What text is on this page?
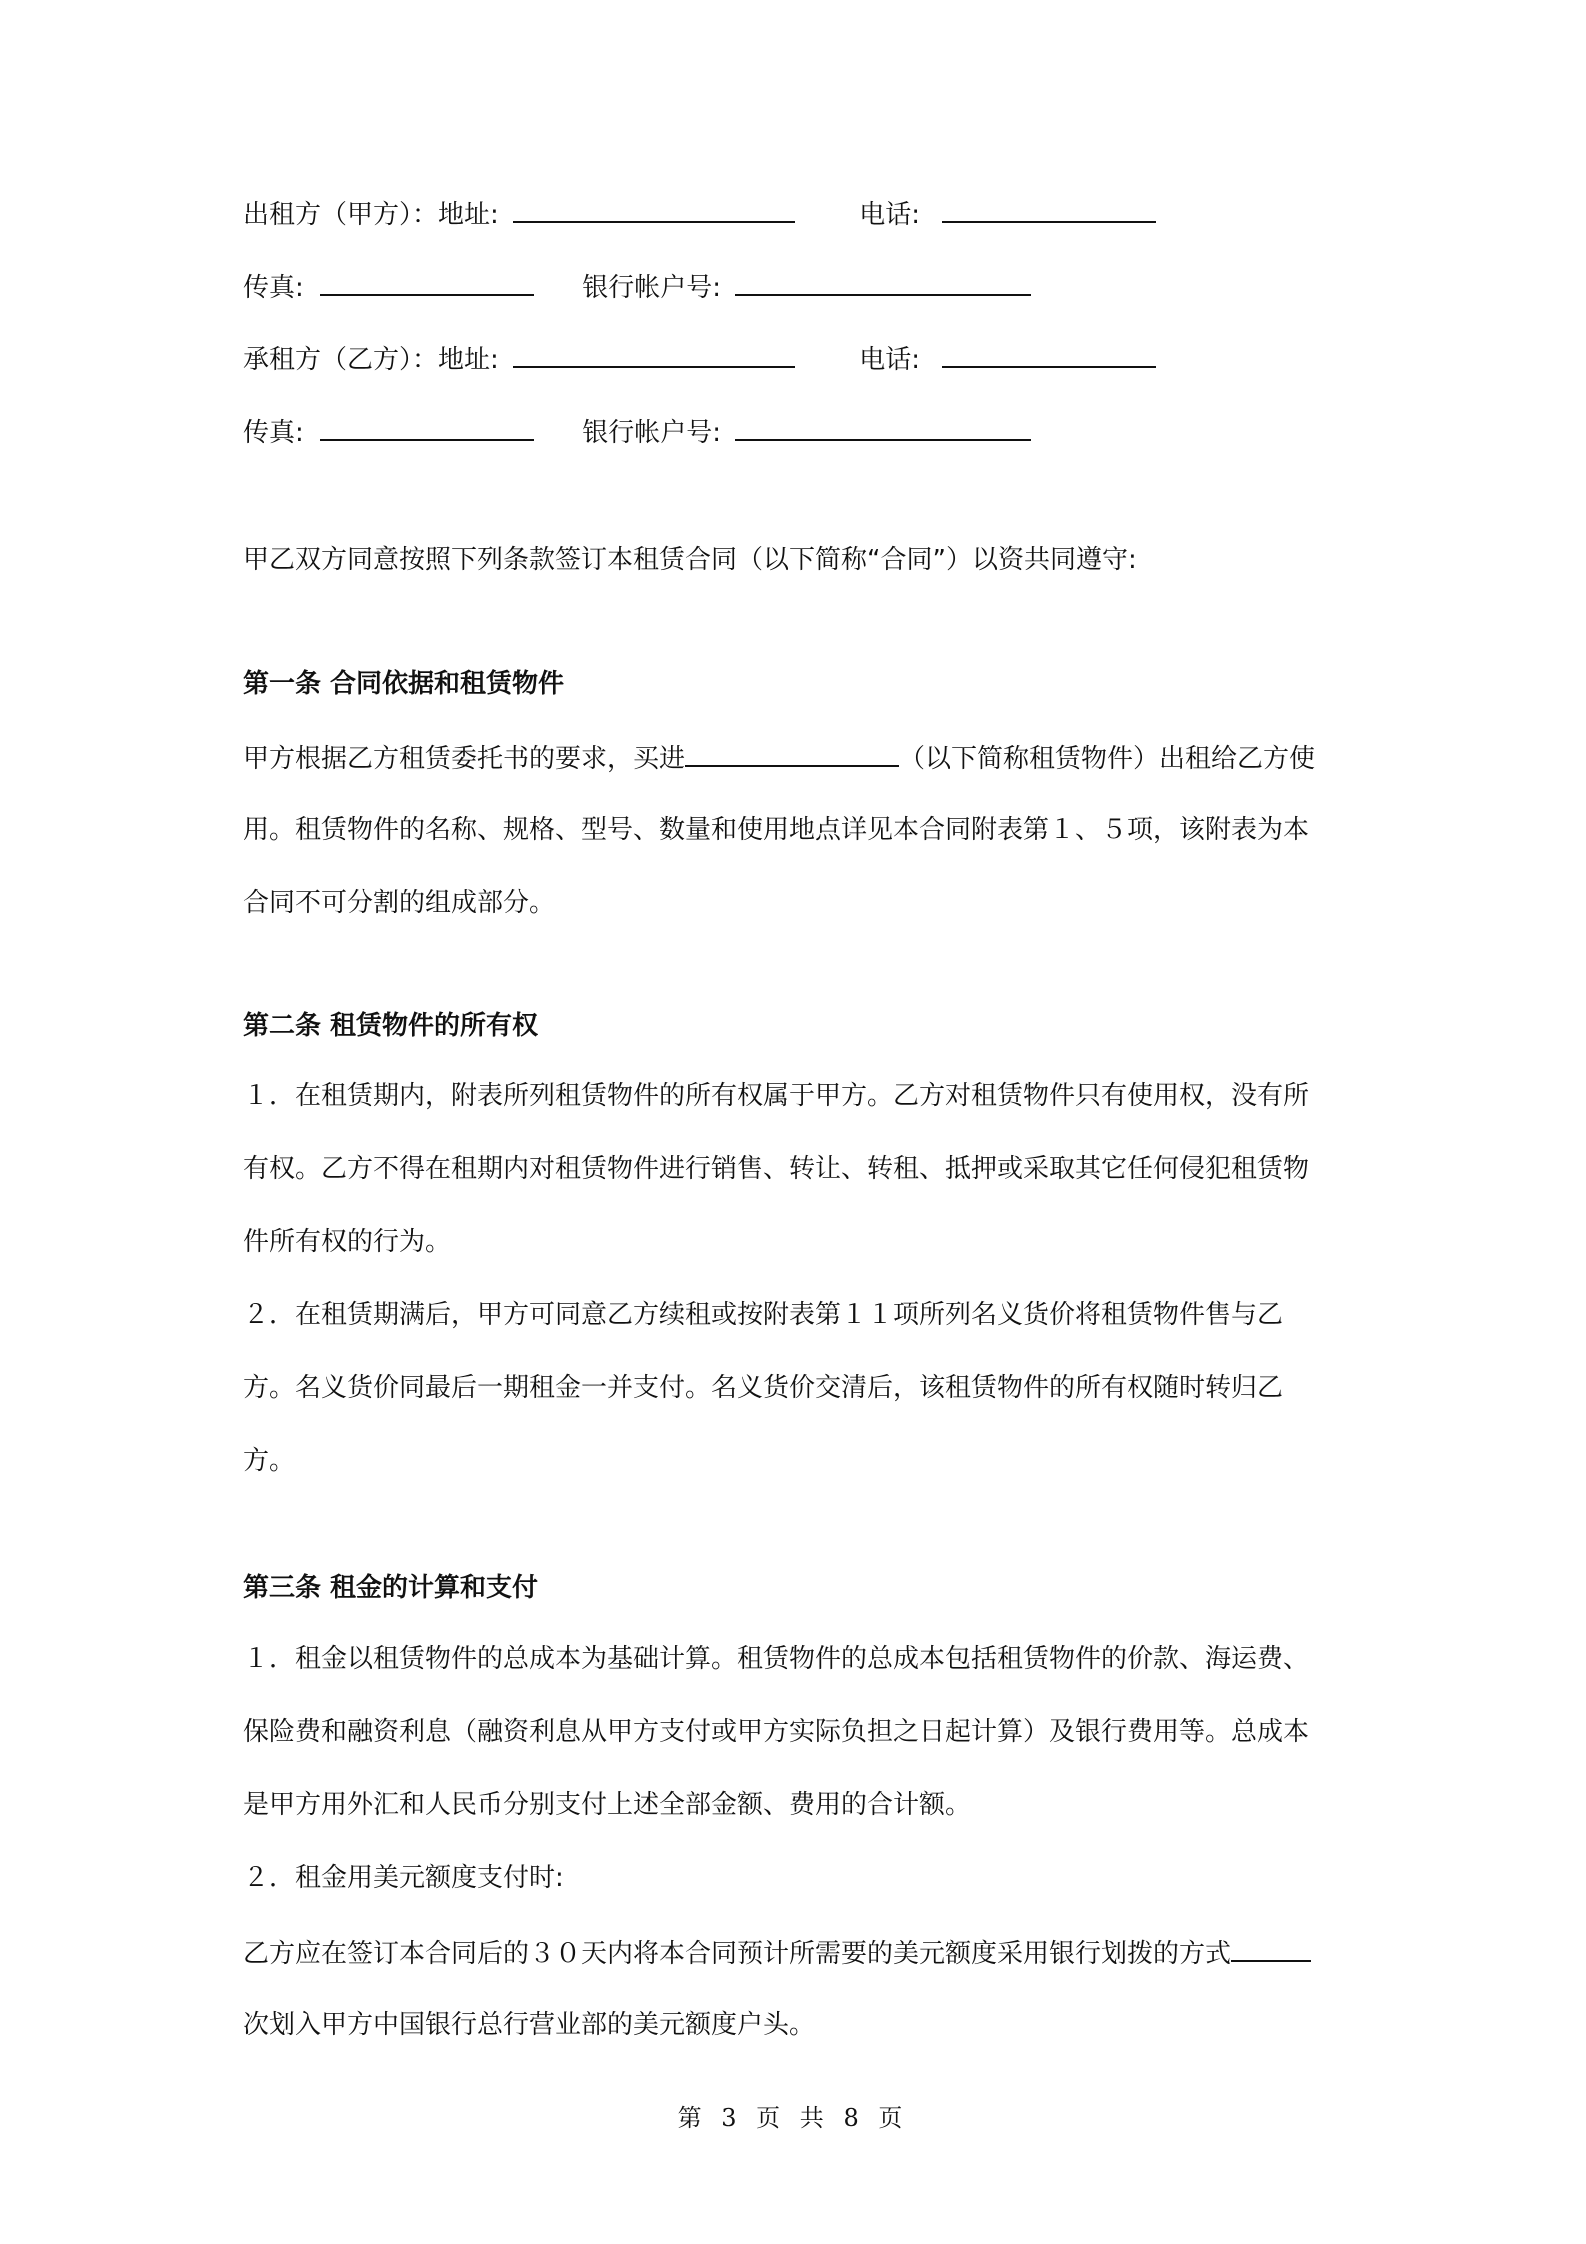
出租方（甲方）：地址:	电话:
传真:	银行帐户号:
承租方（乙方）：地址:	电话:
传真:	银行帐户号:
甲乙双方同意按照下列条款签订本租赁合同（以下简称“合同”）以资共同遵守:
第一条 合同依据和租赁物件
甲方根据乙方租赁委托书的要求，买进	（以下简称租赁物件）出租给乙方使
用。租赁物件的名称、规格、型号、数量和使用地点详见本合同附表第１、５项，该附表为本
合同不可分割的组成部分。
第二条 租赁物件的所有权
１．在租赁期内，附表所列租赁物件的所有权属于甲方。乙方对租赁物件只有使用权，没有所
有权。乙方不得在租期内对租赁物件进行销售、转让、转租、抵押或采取其它任何侵犯租赁物
件所有权的行为。
２．在租赁期满后，甲方可同意乙方续租或按附表第１１项所列名义货价将租赁物件售与乙
方。名义货价同最后一期租金一并支付。名义货价交清后，该租赁物件的所有权随时转归乙
方。
第三条 租金的计算和支付
１．租金以租赁物件的总成本为基础计算。租赁物件的总成本包括租赁物件的价款、海运费、
保险费和融资利息（融资利息从甲方支付或甲方实际负担之日起计算）及银行费用等。总成本
是甲方用外汇和人民币分别支付上述全部金额、费用的合计额。
２．租金用美元额度支付时:
乙方应在签订本合同后的３０天内将本合同预计所需要的美元额度采用银行划拨的方式
次划入甲方中国银行总行营业部的美元额度户头。
第 3 页 共 8 页
